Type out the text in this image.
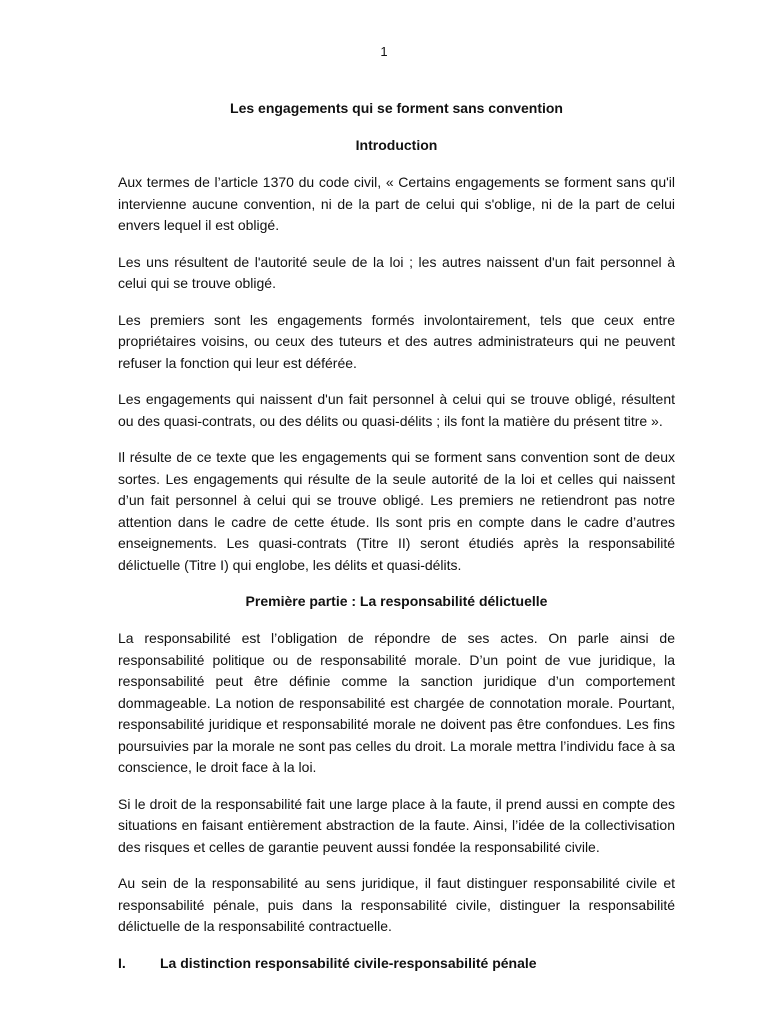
1
Les engagements qui se forment sans convention
Introduction

Aux termes de l’article 1370 du code civil, « Certains engagements se forment sans qu'il intervienne aucune convention, ni de la part de celui qui s'oblige, ni de la part de celui envers lequel il est obligé.

Les uns résultent de l'autorité seule de la loi ; les autres naissent d'un fait personnel à celui qui se trouve obligé.

Les premiers sont les engagements formés involontairement, tels que ceux entre propriétaires voisins, ou ceux des tuteurs et des autres administrateurs qui ne peuvent refuser la fonction qui leur est déférée.

Les engagements qui naissent d'un fait personnel à celui qui se trouve obligé, résultent ou des quasi-contrats, ou des délits ou quasi-délits ; ils font la matière du présent titre ».

Il résulte de ce texte que les engagements qui se forment sans convention sont de deux sortes. Les engagements qui résulte de la seule autorité de la loi et celles qui naissent d’un fait personnel à celui qui se trouve obligé. Les premiers ne retiendront pas notre attention dans le cadre de cette étude. Ils sont pris en compte dans le cadre d’autres enseignements. Les quasi-contrats (Titre II) seront étudiés après la responsabilité délictuelle (Titre I) qui englobe, les délits et quasi-délits.

Première partie : La responsabilité délictuelle

La responsabilité est l’obligation de répondre de ses actes. On parle ainsi de responsabilité politique ou de responsabilité morale. D’un point de vue juridique, la responsabilité peut être définie comme la sanction juridique d’un comportement dommageable. La notion de responsabilité est chargée de connotation morale. Pourtant, responsabilité juridique et responsabilité morale ne doivent pas être confondues. Les fins poursuivies par la morale ne sont pas celles du droit. La morale mettra l’individu face à sa conscience, le droit face à la loi.

Si le droit de la responsabilité fait une large place à la faute, il prend aussi en compte des situations en faisant entièrement abstraction de la faute. Ainsi, l’idée de la collectivisation des risques et celles de garantie peuvent aussi fondée la responsabilité civile.

Au sein de la responsabilité au sens juridique, il faut distinguer responsabilité civile et responsabilité pénale, puis dans la responsabilité civile, distinguer la responsabilité délictuelle de la responsabilité contractuelle.

I.	La distinction responsabilité civile-responsabilité pénale
